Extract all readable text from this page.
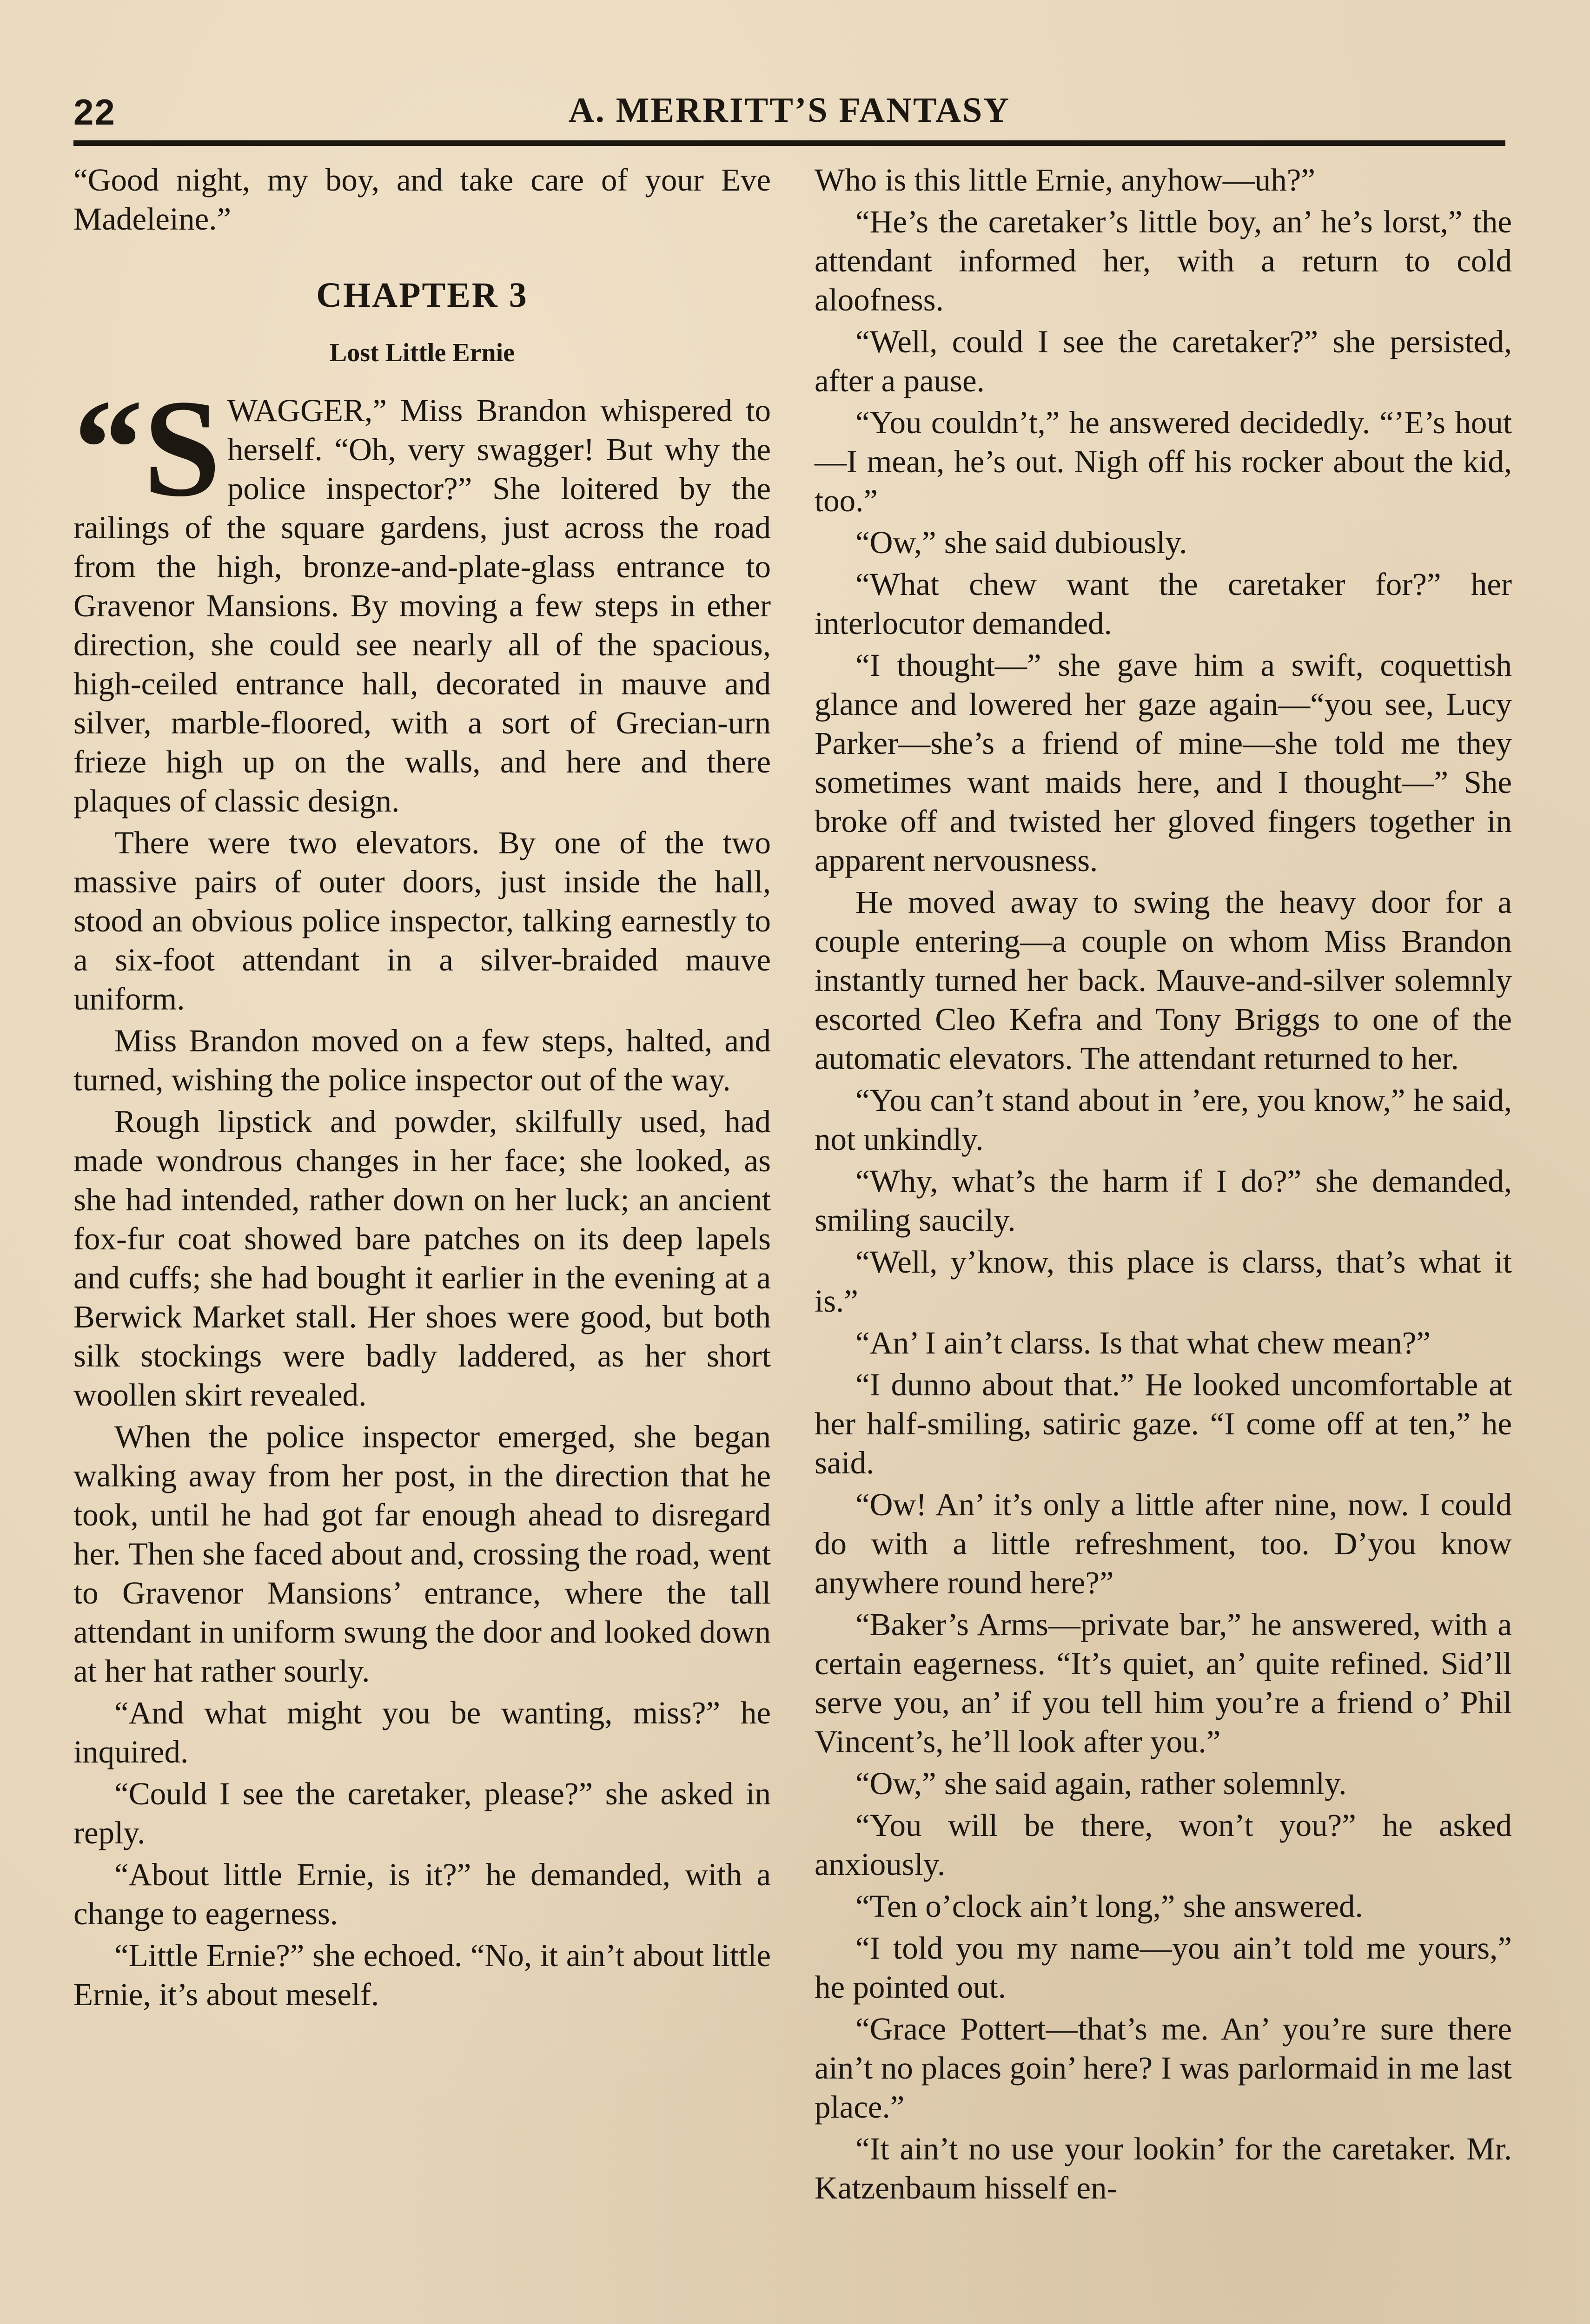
22	A. MERRITT’S FANTASY

“Good night, my boy, and take care of your Eve Madeleine.”

CHAPTER 3
Lost Little Ernie

“SWAGGER,” Miss Brandon whispered to herself. “Oh, very swagger! But why the police inspector?” She loitered by the railings of the square gardens, just across the road from the high, bronze-and-plate-glass entrance to Gravenor Mansions. By moving a few steps in ether direction, she could see nearly all of the spacious, high-ceiled entrance hall, decorated in mauve and silver, marble-floored, with a sort of Grecian-urn frieze high up on the walls, and here and there plaques of classic design.

There were two elevators. By one of the two massive pairs of outer doors, just inside the hall, stood an obvious police inspector, talking earnestly to a six-foot attendant in a silver-braided mauve uniform.

Miss Brandon moved on a few steps, halted, and turned, wishing the police inspector out of the way.

Rough lipstick and powder, skilfully used, had made wondrous changes in her face; she looked, as she had intended, rather down on her luck; an ancient fox-fur coat showed bare patches on its deep lapels and cuffs; she had bought it earlier in the evening at a Berwick Market stall. Her shoes were good, but both silk stockings were badly laddered, as her short woollen skirt revealed.

When the police inspector emerged, she began walking away from her post, in the direction that he took, until he had got far enough ahead to disregard her. Then she faced about and, crossing the road, went to Gravenor Mansions’ entrance, where the tall attendant in uniform swung the door and looked down at her hat rather sourly.

“And what might you be wanting, miss?” he inquired.

“Could I see the caretaker, please?” she asked in reply.

“About little Ernie, is it?” he demanded, with a change to eagerness.

“Little Ernie?” she echoed. “No, it ain’t about little Ernie, it’s about meself.

Who is this little Ernie, anyhow—uh?”

“He’s the caretaker’s little boy, an’ he’s lorst,” the attendant informed her, with a return to cold aloofness.

“Well, could I see the caretaker?” she persisted, after a pause.

“You couldn’t,” he answered decidedly. “’E’s hout—I mean, he’s out. Nigh off his rocker about the kid, too.”

“Ow,” she said dubiously.

“What chew want the caretaker for?” her interlocutor demanded.

“I thought—” she gave him a swift, coquettish glance and lowered her gaze again—“you see, Lucy Parker—she’s a friend of mine—she told me they sometimes want maids here, and I thought—” She broke off and twisted her gloved fingers together in apparent nervousness.

He moved away to swing the heavy door for a couple entering—a couple on whom Miss Brandon instantly turned her back. Mauve-and-silver solemnly escorted Cleo Kefra and Tony Briggs to one of the automatic elevators. The attendant returned to her.

“You can’t stand about in ’ere, you know,” he said, not unkindly.

“Why, what’s the harm if I do?” she demanded, smiling saucily.

“Well, y’know, this place is clarss, that’s what it is.”

“An’ I ain’t clarss. Is that what chew mean?”

“I dunno about that.” He looked uncomfortable at her half-smiling, satiric gaze. “I come off at ten,” he said.

“Ow! An’ it’s only a little after nine, now. I could do with a little refreshment, too. D’you know anywhere round here?”

“Baker’s Arms—private bar,” he answered, with a certain eagerness. “It’s quiet, an’ quite refined. Sid’ll serve you, an’ if you tell him you’re a friend o’ Phil Vincent’s, he’ll look after you.”

“Ow,” she said again, rather solemnly.

“You will be there, won’t you?” he asked anxiously.

“Ten o’clock ain’t long,” she answered.

“I told you my name—you ain’t told me yours,” he pointed out.

“Grace Pottert—that’s me. An’ you’re sure there ain’t no places goin’ here? I was parlormaid in me last place.”

“It ain’t no use your lookin’ for the caretaker. Mr. Katzenbaum hisself en-
